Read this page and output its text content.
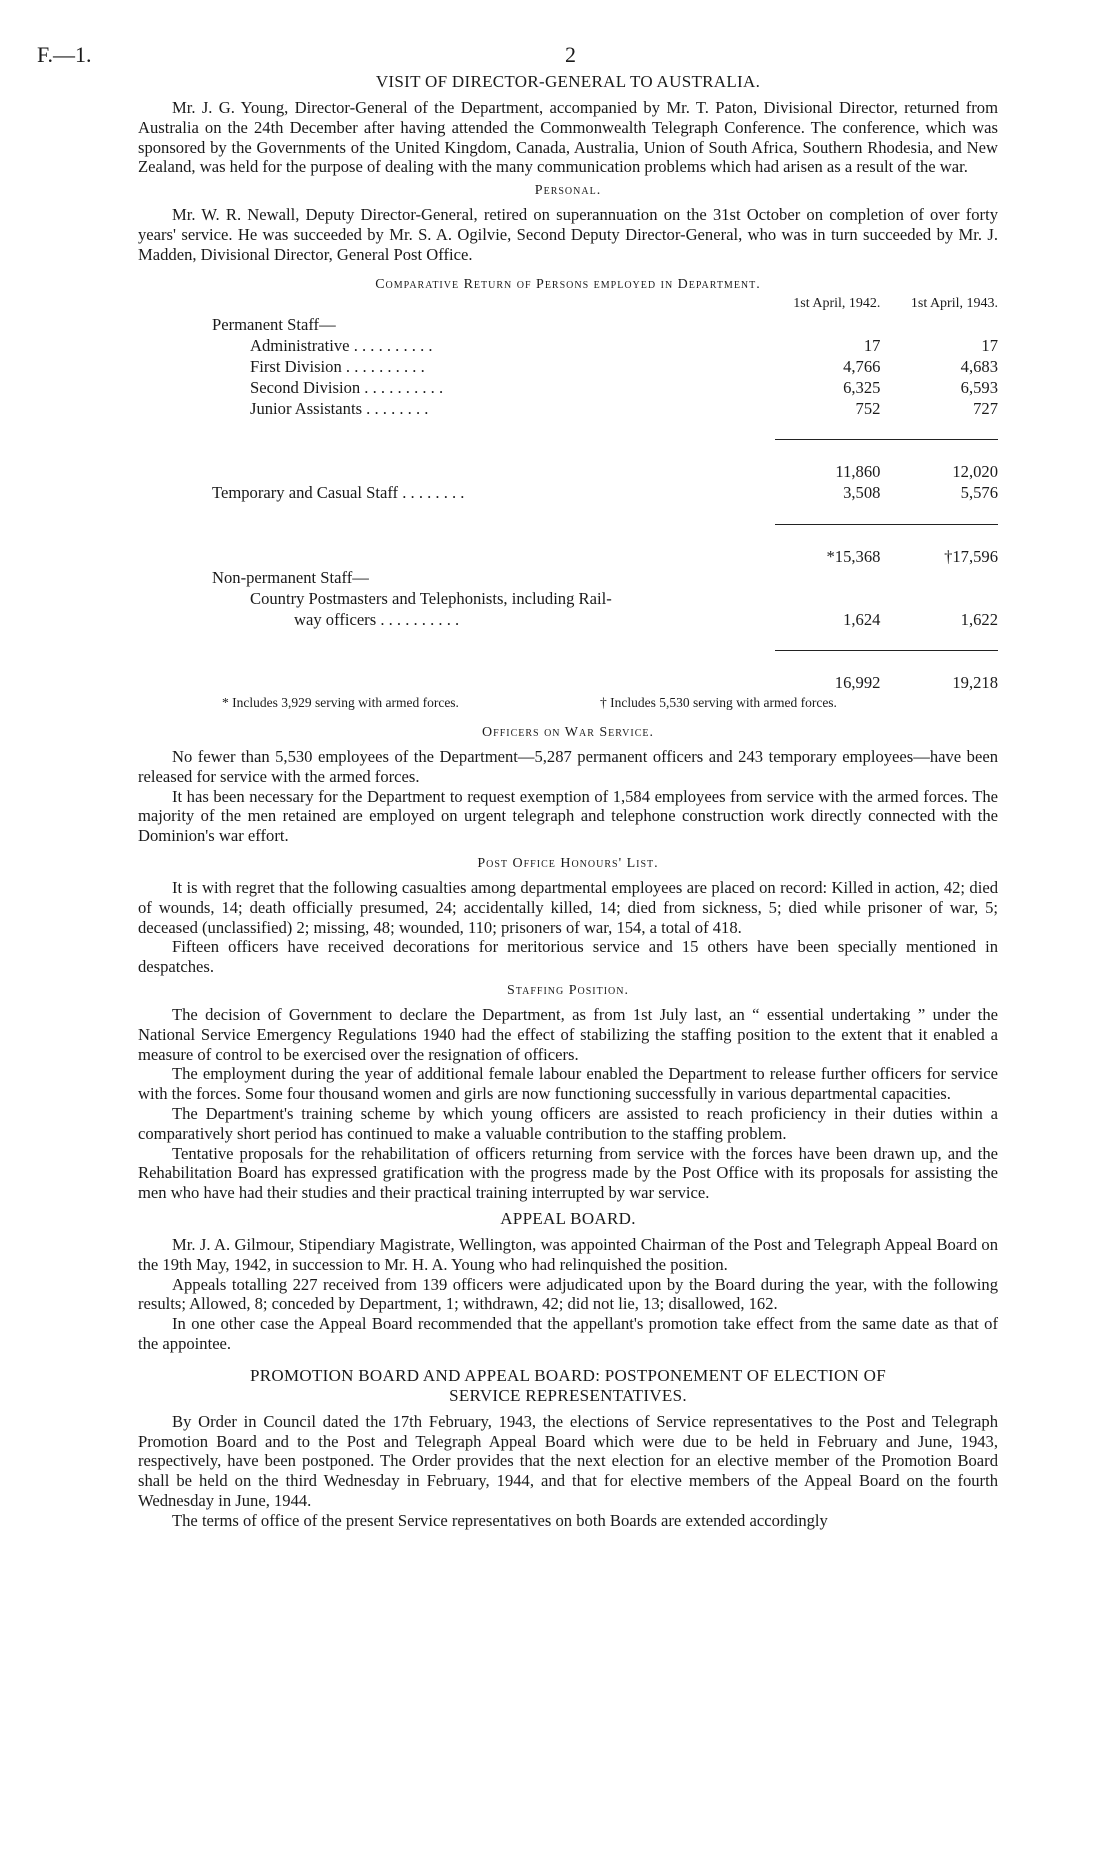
F.—1.	2
VISIT OF DIRECTOR-GENERAL TO AUSTRALIA.

Mr. J. G. Young, Director-General of the Department, accompanied by Mr. T. Paton, Divisional Director, returned from Australia on the 24th December after having attended the Commonwealth Telegraph Conference. The conference, which was sponsored by the Governments of the United Kingdom, Canada, Australia, Union of South Africa, Southern Rhodesia, and New Zealand, was held for the purpose of dealing with the many communication problems which had arisen as a result of the war.

Personal.

Mr. W. R. Newall, Deputy Director-General, retired on superannuation on the 31st October on completion of over forty years' service. He was succeeded by Mr. S. A. Ogilvie, Second Deputy Director-General, who was in turn succeeded by Mr. J. Madden, Divisional Director, General Post Office.

Comparative Return of Persons employed in Department.
	1st April, 1942.	1st April, 1943.
Permanent Staff—		
Administrative . . . . . . . . . .	17	17
First Division . . . . . . . . . .	4,766	4,683
Second Division . . . . . . . . . .	6,325	6,593
Junior Assistants . . . . . . . .	752	727

	11,860	12,020
Temporary and Casual Staff . . . . . . . .	3,508	5,576

	*15,368	†17,596
Non-permanent Staff—		
Country Postmasters and Telephonists, including Rail-		
way officers . . . . . . . . . .	1,624	1,622

	16,992	19,218
* Includes 3,929 serving with armed forces.	† Includes 5,530 serving with armed forces.
Officers on War Service.

No fewer than 5,530 employees of the Department—5,287 permanent officers and 243 temporary employees—have been released for service with the armed forces.

It has been necessary for the Department to request exemption of 1,584 employees from service with the armed forces. The majority of the men retained are employed on urgent telegraph and telephone construction work directly connected with the Dominion's war effort.

Post Office Honours' List.

It is with regret that the following casualties among departmental employees are placed on record: Killed in action, 42; died of wounds, 14; death officially presumed, 24; accidentally killed, 14; died from sickness, 5; died while prisoner of war, 5; deceased (unclassified) 2; missing, 48; wounded, 110; prisoners of war, 154, a total of 418.

Fifteen officers have received decorations for meritorious service and 15 others have been specially mentioned in despatches.

Staffing Position.

The decision of Government to declare the Department, as from 1st July last, an “ essential undertaking ” under the National Service Emergency Regulations 1940 had the effect of stabilizing the staffing position to the extent that it enabled a measure of control to be exercised over the resignation of officers.

The employment during the year of additional female labour enabled the Department to release further officers for service with the forces. Some four thousand women and girls are now functioning successfully in various departmental capacities.

The Department's training scheme by which young officers are assisted to reach proficiency in their duties within a comparatively short period has continued to make a valuable contribution to the staffing problem.

Tentative proposals for the rehabilitation of officers returning from service with the forces have been drawn up, and the Rehabilitation Board has expressed gratification with the progress made by the Post Office with its proposals for assisting the men who have had their studies and their practical training interrupted by war service.

APPEAL BOARD.

Mr. J. A. Gilmour, Stipendiary Magistrate, Wellington, was appointed Chairman of the Post and Telegraph Appeal Board on the 19th May, 1942, in succession to Mr. H. A. Young who had relinquished the position.

Appeals totalling 227 received from 139 officers were adjudicated upon by the Board during the year, with the following results; Allowed, 8; conceded by Department, 1; withdrawn, 42; did not lie, 13; disallowed, 162.

In one other case the Appeal Board recommended that the appellant's promotion take effect from the same date as that of the appointee.

PROMOTION BOARD AND APPEAL BOARD: POSTPONEMENT OF ELECTION OF
SERVICE REPRESENTATIVES.

By Order in Council dated the 17th February, 1943, the elections of Service representatives to the Post and Telegraph Promotion Board and to the Post and Telegraph Appeal Board which were due to be held in February and June, 1943, respectively, have been postponed. The Order provides that the next election for an elective member of the Promotion Board shall be held on the third Wednesday in February, 1944, and that for elective members of the Appeal Board on the fourth Wednesday in June, 1944.

The terms of office of the present Service representatives on both Boards are extended accordingly
